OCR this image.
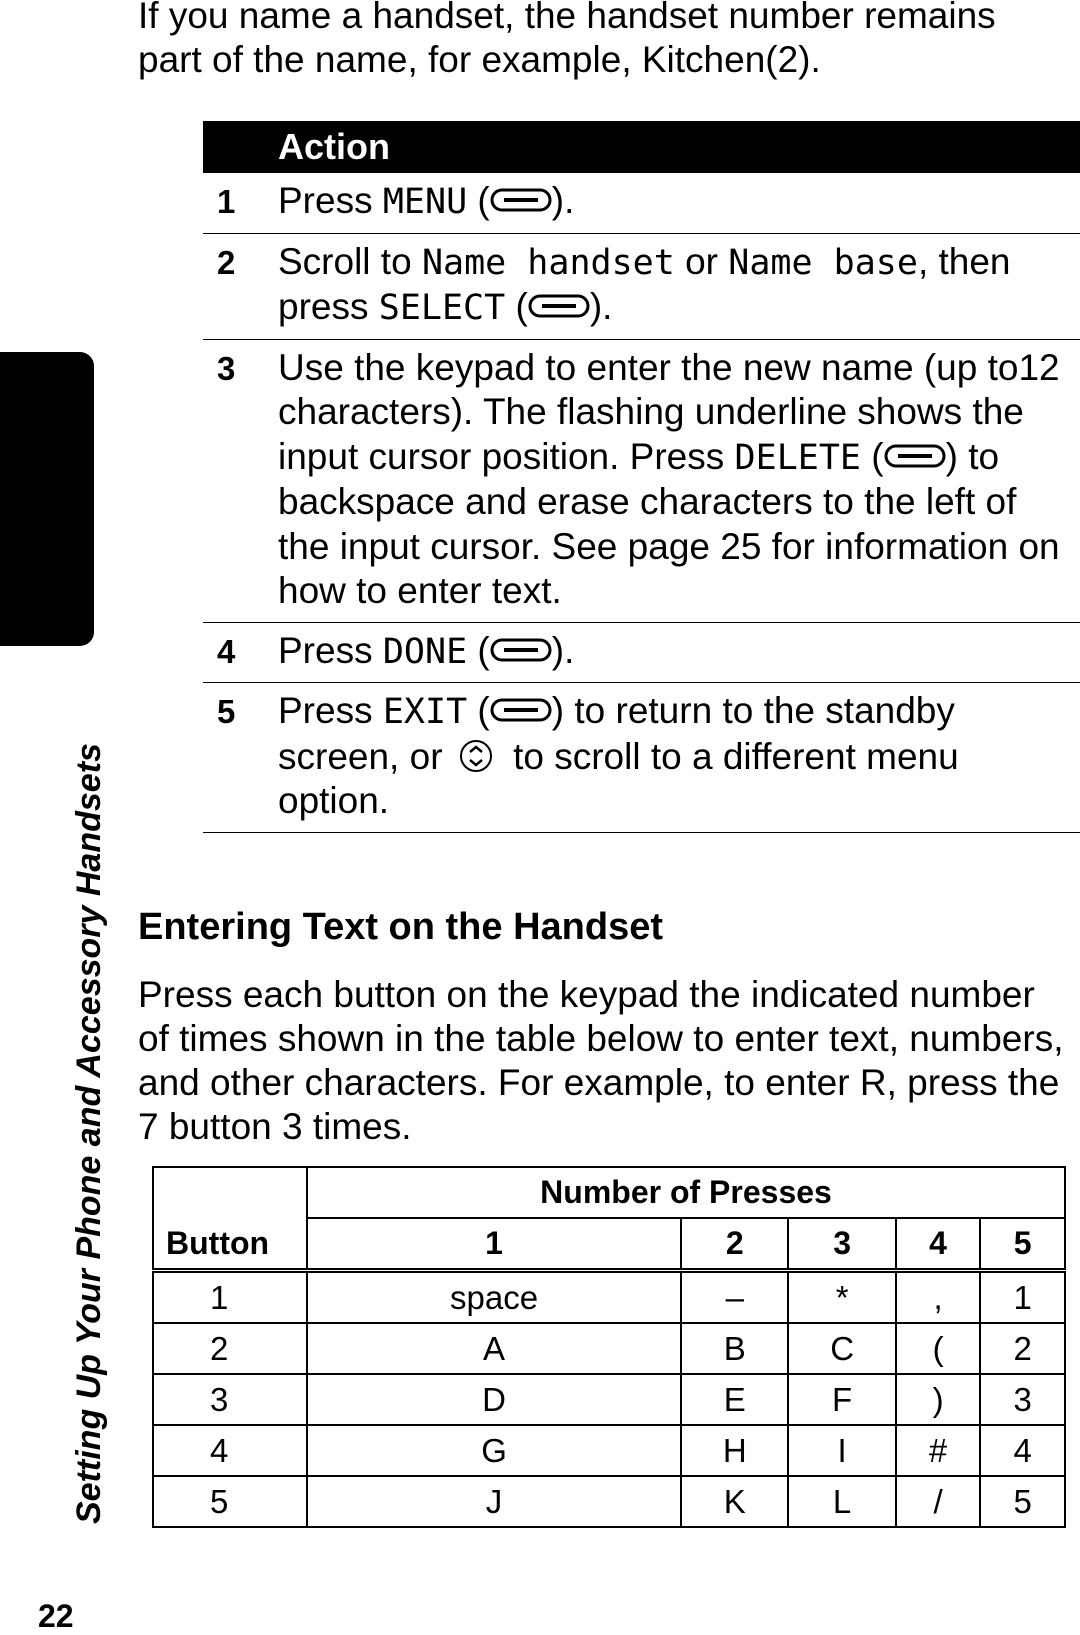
Setting Up Your Phone and Accessory Handsets
22

If you name a handset, the handset number remains part of the name, for example, Kitchen(2).

Action
1	Press MENU ( ).
2	Scroll to Name handset or Name base, then press SELECT ( ).
3	Use the keypad to enter the new name (up to12 characters). The flashing underline shows the input cursor position. Press DELETE ( ) to backspace and erase characters to the left of the input cursor. See page 25 for information on how to enter text.
4	Press DONE ( ).
5	Press EXIT ( ) to return to the standby screen, or  to scroll to a different menu option.
Entering Text on the Handset

Press each button on the keypad the indicated number of times shown in the table below to enter text, numbers, and other characters. For example, to enter R, press the 7 button 3 times.

Button	Number of Presses				
	1	2	3	4	5
1	space	–	*	,	1
2	A	B	C	(	2
3	D	E	F	)	3
4	G	H	I	#	4
5	J	K	L	/	5
